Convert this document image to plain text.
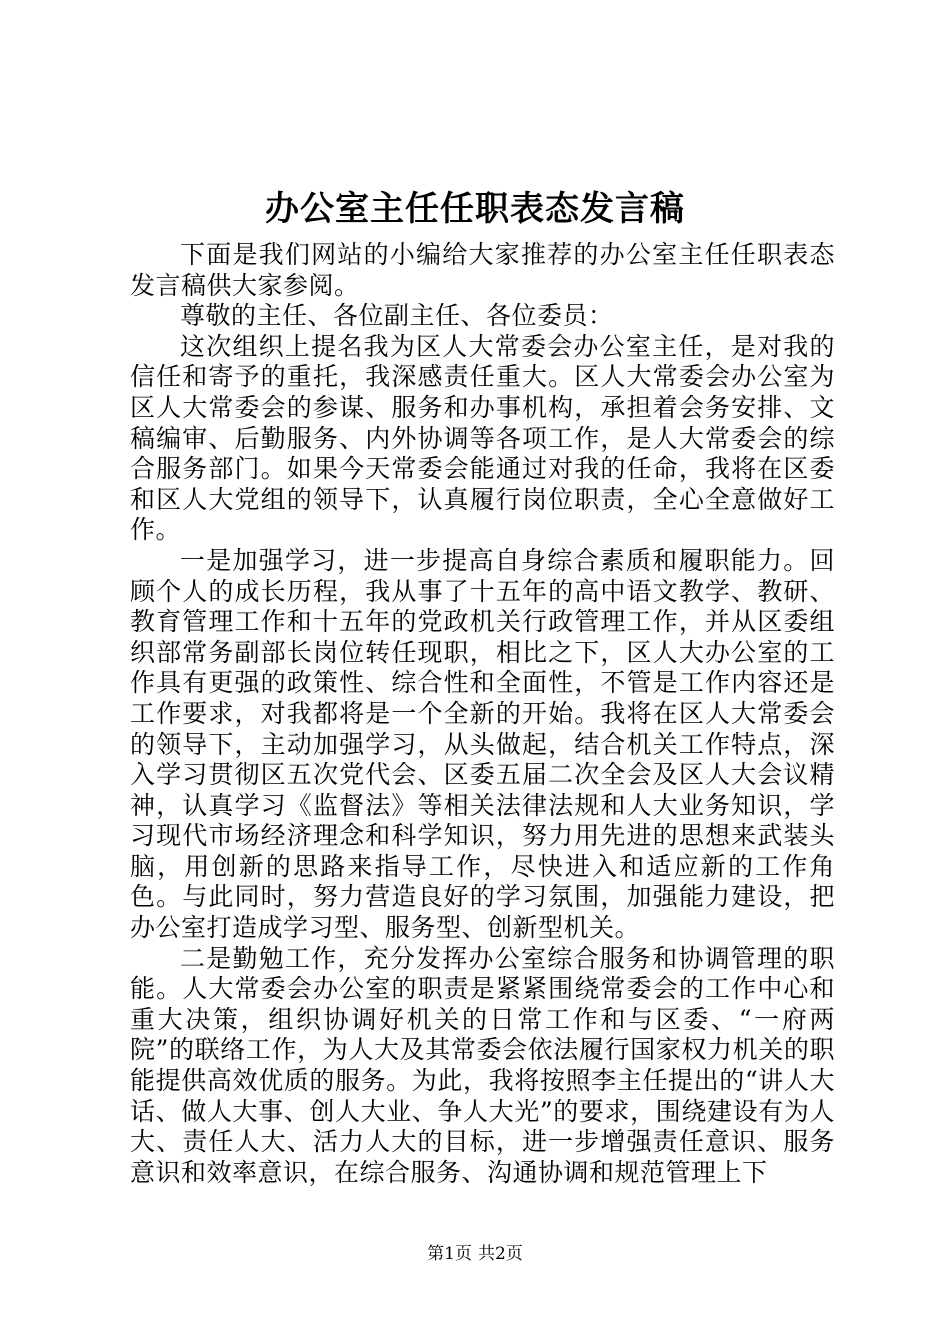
办公室主任任职表态发言稿

下面是我们网站的小编给大家推荐的办公室主任任职表态发言稿供大家参阅。

尊敬的主任、各位副主任、各位委员：

这次组织上提名我为区人大常委会办公室主任，是对我的信任和寄予的重托，我深感责任重大。区人大常委会办公室为区人大常委会的参谋、服务和办事机构，承担着会务安排、文稿编审、后勤服务、内外协调等各项工作，是人大常委会的综合服务部门。如果今天常委会能通过对我的任命，我将在区委和区人大党组的领导下，认真履行岗位职责，全心全意做好工作。

一是加强学习，进一步提高自身综合素质和履职能力。回顾个人的成长历程，我从事了十五年的高中语文教学、教研、教育管理工作和十五年的党政机关行政管理工作，并从区委组织部常务副部长岗位转任现职，相比之下，区人大办公室的工作具有更强的政策性、综合性和全面性，不管是工作内容还是工作要求，对我都将是一个全新的开始。我将在区人大常委会的领导下，主动加强学习，从头做起，结合机关工作特点，深入学习贯彻区五次党代会、区委五届二次全会及区人大会议精神，认真学习《监督法》等相关法律法规和人大业务知识，学习现代市场经济理念和科学知识，努力用先进的思想来武装头脑，用创新的思路来指导工作，尽快进入和适应新的工作角色。与此同时，努力营造良好的学习氛围，加强能力建设，把办公室打造成学习型、服务型、创新型机关。

二是勤勉工作，充分发挥办公室综合服务和协调管理的职能。人大常委会办公室的职责是紧紧围绕常委会的工作中心和重大决策，组织协调好机关的日常工作和与区委、“一府两院”的联络工作，为人大及其常委会依法履行国家权力机关的职能提供高效优质的服务。为此，我将按照李主任提出的“讲人大话、做人大事、创人大业、争人大光”的要求，围绕建设有为人大、责任人大、活力人大的目标，进一步增强责任意识、服务意识和效率意识，在综合服务、沟通协调和规范管理上下

第1页 共2页
